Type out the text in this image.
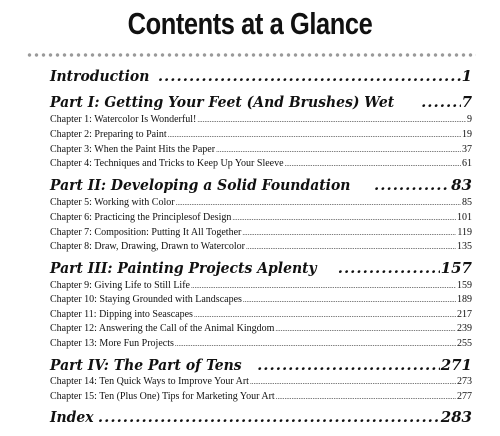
Contents at a Glance
Introduction .....	1
Part I: Getting Your Feet (And Brushes) Wet .....	7
Chapter 1: Watercolor Is Wonderful! .....	9
Chapter 2: Preparing to Paint .....	19
Chapter 3: When the Paint Hits the Paper .....	37
Chapter 4: Techniques and Tricks to Keep Up Your Sleeve .....	61
Part II: Developing a Solid Foundation .....	83
Chapter 5: Working with Color .....	85
Chapter 6: Practicing the Principlesof Design .....	101
Chapter 7: Composition: Putting It All Together .....	119
Chapter 8: Draw, Drawing, Drawn to Watercolor .....	135
Part III: Painting Projects Aplenty .....	157
Chapter 9: Giving Life to Still Life .....	159
Chapter 10: Staying Grounded with Landscapes .....	189
Chapter 11: Dipping into Seascapes .....	217
Chapter 12: Answering the Call of the Animal Kingdom .....	239
Chapter 13: More Fun Projects .....	255
Part IV: The Part of Tens .....	271
Chapter 14: Ten Quick Ways to Improve Your Art .....	273
Chapter 15: Ten (Plus One) Tips for Marketing Your Art .....	277
Index .....	283
